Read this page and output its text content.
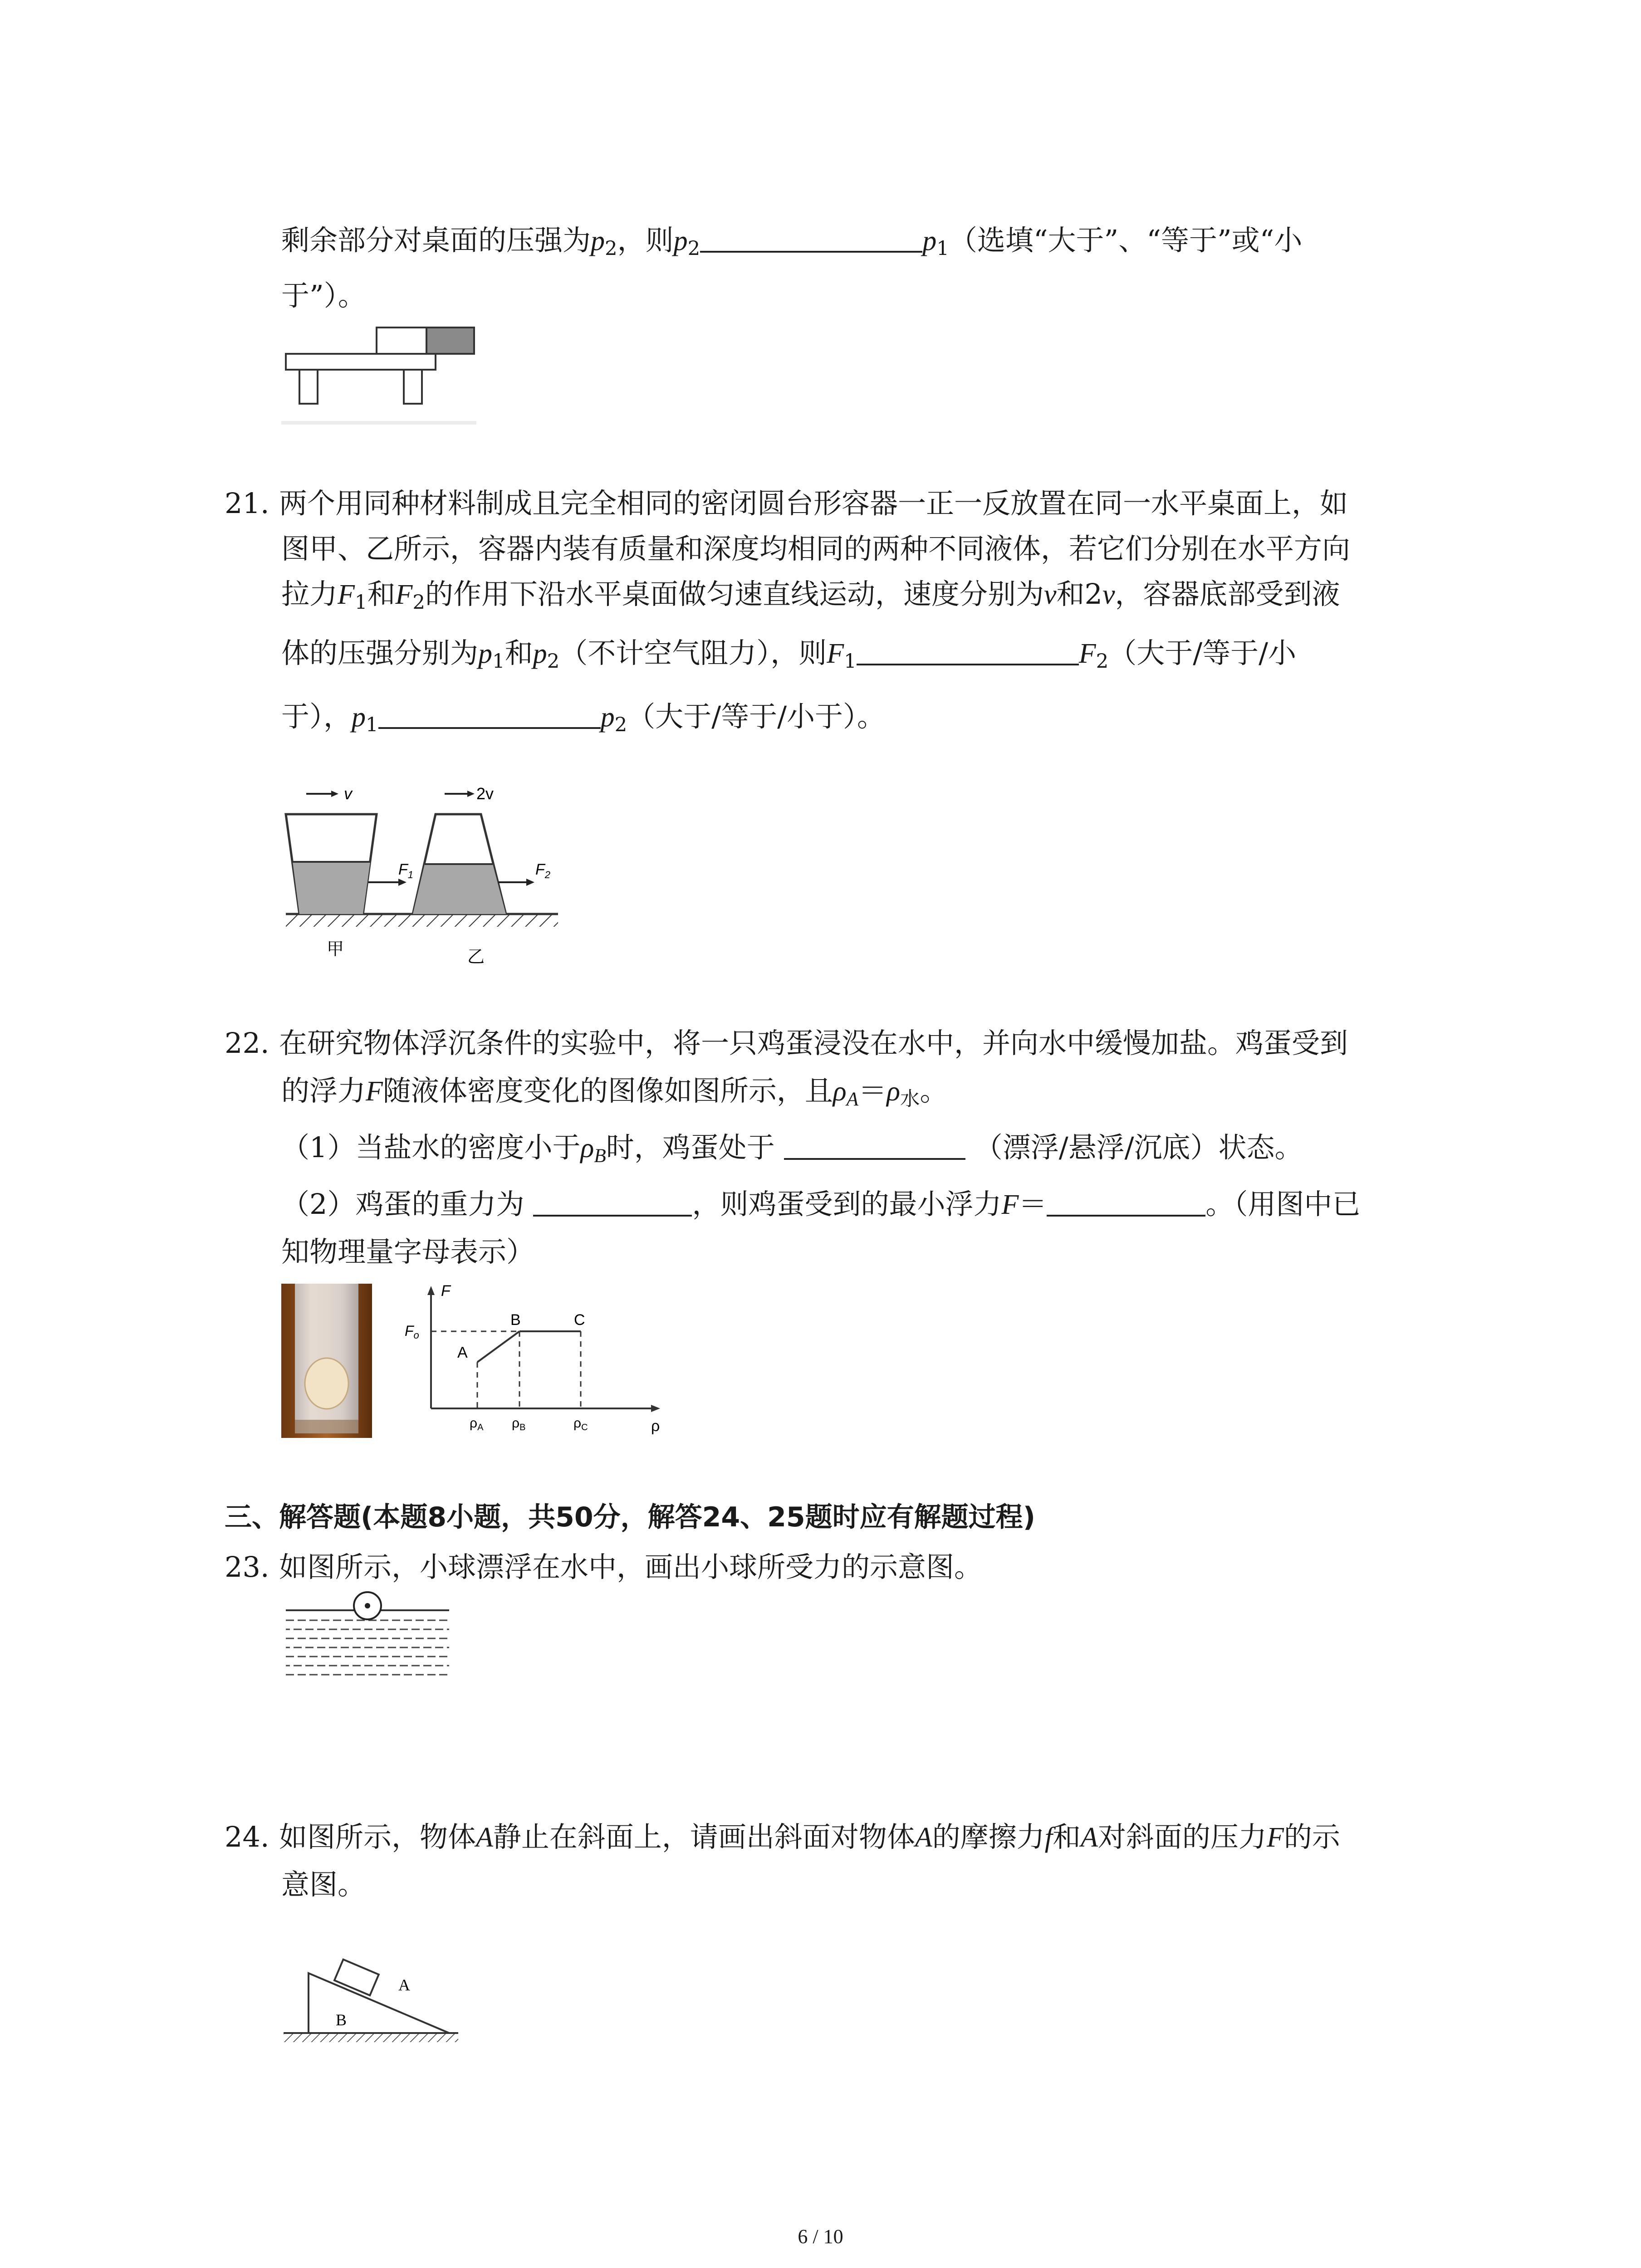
剩余部分对桌面的压强为$p_2$，则$p_2$	$p_1$（选填“大于”、“等于”或“小
于”）。
21. 两个用同种材料制成且完全相同的密闭圆台形容器一正一反放置在同一水平桌面上，如
图甲、乙所示，容器内装有质量和深度均相同的两种不同液体，若它们分别在水平方向
拉力$F_1$和$F_2$的作用下沿水平桌面做匀速直线运动，速度分别为v和2v，容器底部受到液
体的压强分别为$p_1$和$p_2$（不计空气阻力），则$F_1$	$F_2$（大于/等于/小
于），$p_1$	$p_2$（大于/等于/小于）。
v
$F_1$
甲
2v
$F_2$
乙
22. 在研究物体浮沉条件的实验中，将一只鸡蛋浸没在水中，并向水中缓慢加盐。鸡蛋受到
的浮力F随液体密度变化的图像如图所示，且$\rho_A=\rho_水$。
（1）当盐水的密度小于$\rho_B$时，鸡蛋处于	（漂浮/悬浮/沉底）状态。
（2）鸡蛋的重力为	，则鸡蛋受到的最小浮力F＝	。（用图中已
知物理量字母表示）
F
ρ
Fo
A
B	C
$\rho_A$ $\rho_B$	$\rho_C$
三、解答题(本题8小题，共50分，解答24、25题时应有解题过程)
23. 如图所示，小球漂浮在水中，画出小球所受力的示意图。
24. 如图所示，物体A静止在斜面上，请画出斜面对物体A的摩擦力f和A对斜面的压力F的示
意图。
A
B
6 / 10
